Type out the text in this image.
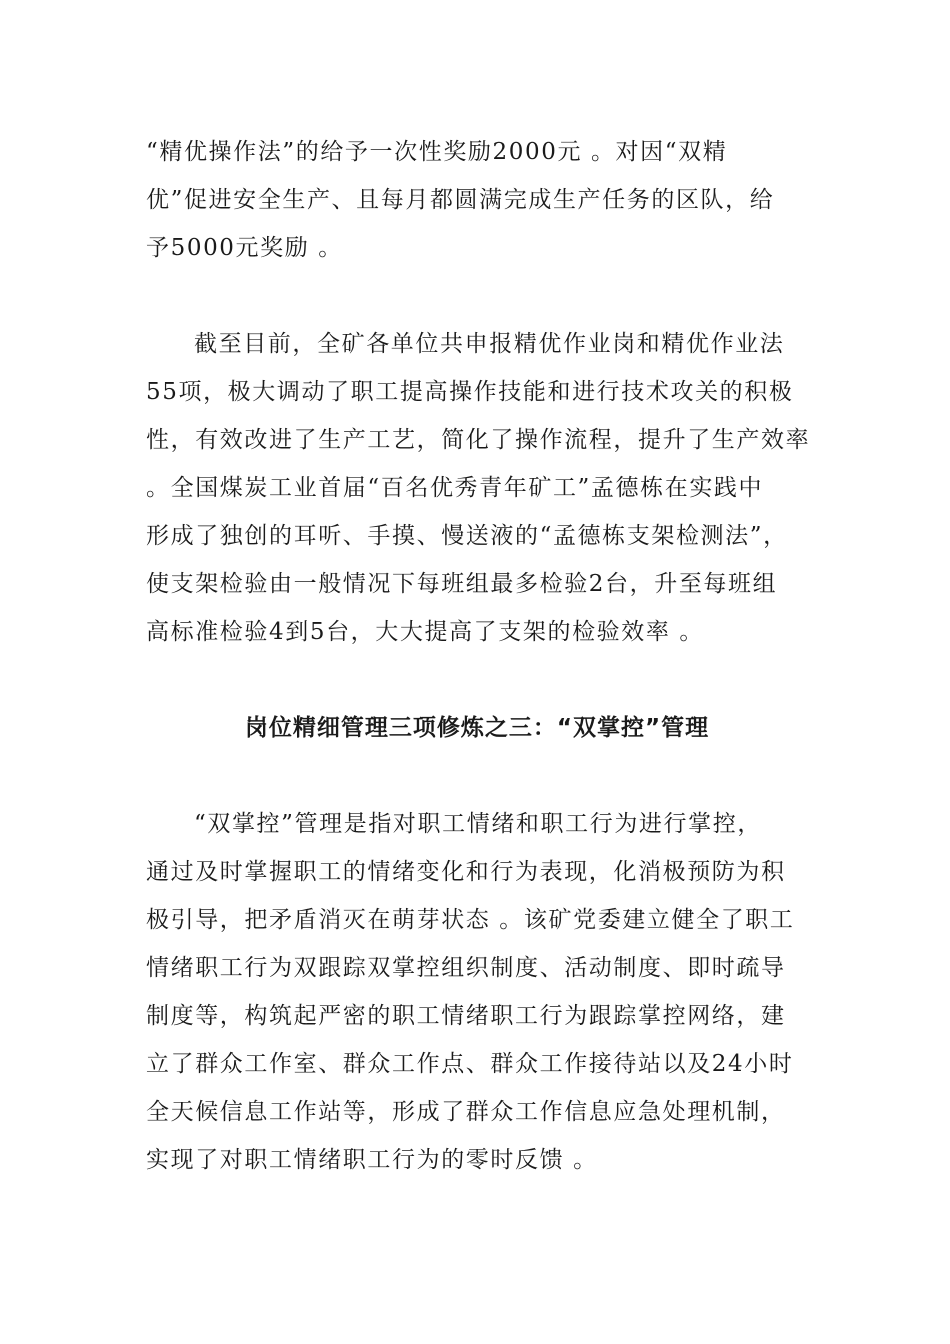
“精优操作法”的给予一次性奖励2000元 。对因“双精
优”促进安全生产、且每月都圆满完成生产任务的区队，给
予5000元奖励 。
截至目前，全矿各单位共申报精优作业岗和精优作业法
55项，极大调动了职工提高操作技能和进行技术攻关的积极
性，有效改进了生产工艺，简化了操作流程，提升了生产效率
。全国煤炭工业首届“百名优秀青年矿工”孟德栋在实践中
形成了独创的耳听、手摸、慢送液的“孟德栋支架检测法”，
使支架检验由一般情况下每班组最多检验2台，升至每班组
高标准检验4到5台，大大提高了支架的检验效率 。
岗位精细管理三项修炼之三：“双掌控”管理
“双掌控”管理是指对职工情绪和职工行为进行掌控，
通过及时掌握职工的情绪变化和行为表现，化消极预防为积
极引导，把矛盾消灭在萌芽状态 。该矿党委建立健全了职工
情绪职工行为双跟踪双掌控组织制度、活动制度、即时疏导
制度等，构筑起严密的职工情绪职工行为跟踪掌控网络，建
立了群众工作室、群众工作点、群众工作接待站以及24小时
全天候信息工作站等，形成了群众工作信息应急处理机制，
实现了对职工情绪职工行为的零时反馈 。
